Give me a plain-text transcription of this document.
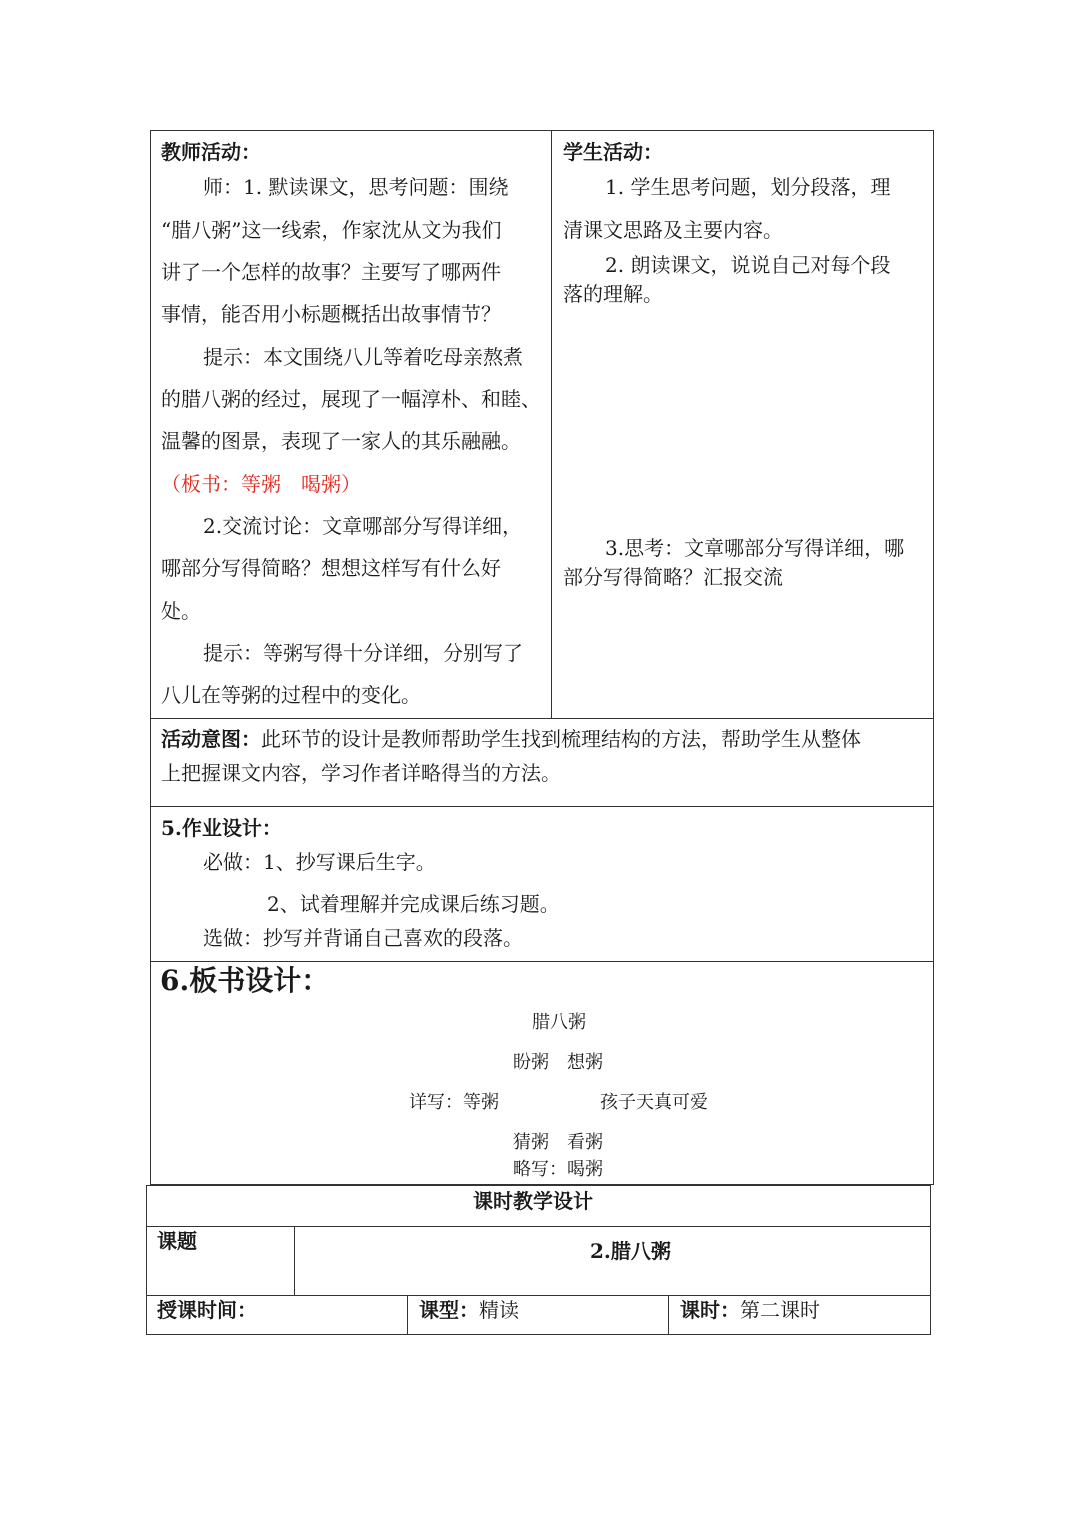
教师活动：
师：1. 默读课文，思考问题：围绕
“腊八粥”这一线索，作家沈从文为我们
讲了一个怎样的故事？主要写了哪两件
事情，能否用小标题概括出故事情节？
提示：本文围绕八儿等着吃母亲熬煮
的腊八粥的经过，展现了一幅淳朴、和睦、
温馨的图景，表现了一家人的其乐融融。
（板书：等粥　喝粥）
2.交流讨论：文章哪部分写得详细，
哪部分写得简略？想想这样写有什么好
处。
提示：等粥写得十分详细，分别写了
八儿在等粥的过程中的变化。
学生活动：
1. 学生思考问题，划分段落，理
清课文思路及主要内容。
2. 朗读课文，说说自己对每个段
落的理解。
3.思考：文章哪部分写得详细，哪
部分写得简略？汇报交流
活动意图：此环节的设计是教师帮助学生找到梳理结构的方法，帮助学生从整体
上把握课文内容，学习作者详略得当的方法。
5.作业设计：
必做：1、抄写课后生字。
2、试着理解并完成课后练习题。
选做：抄写并背诵自己喜欢的段落。
6.板书设计：
腊八粥
盼粥　想粥
详写：等粥	孩子天真可爱
猜粥　看粥
略写：喝粥
课时教学设计
课题	2.腊八粥
授课时间：	课型：精读	课时：第二课时
